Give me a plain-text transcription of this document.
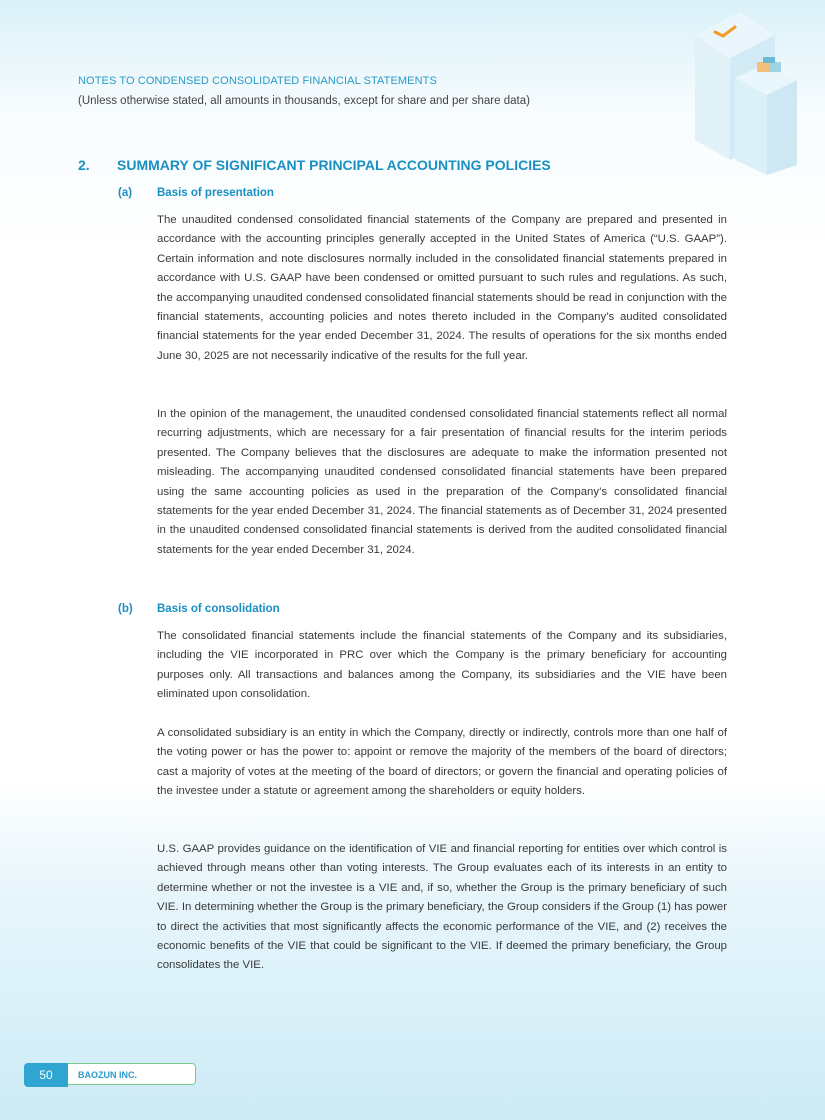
NOTES TO CONDENSED CONSOLIDATED FINANCIAL STATEMENTS
(Unless otherwise stated, all amounts in thousands, except for share and per share data)
2. SUMMARY OF SIGNIFICANT PRINCIPAL ACCOUNTING POLICIES
(a) Basis of presentation

The unaudited condensed consolidated financial statements of the Company are prepared and presented in accordance with the accounting principles generally accepted in the United States of America (“U.S. GAAP”). Certain information and note disclosures normally included in the consolidated financial statements prepared in accordance with U.S. GAAP have been condensed or omitted pursuant to such rules and regulations. As such, the accompanying unaudited condensed consolidated financial statements should be read in conjunction with the financial statements, accounting policies and notes thereto included in the Company’s audited consolidated financial statements for the year ended December 31, 2024. The results of operations for the six months ended June 30, 2025 are not necessarily indicative of the results for the full year.

In the opinion of the management, the unaudited condensed consolidated financial statements reflect all normal recurring adjustments, which are necessary for a fair presentation of financial results for the interim periods presented. The Company believes that the disclosures are adequate to make the information presented not misleading. The accompanying unaudited condensed consolidated financial statements have been prepared using the same accounting policies as used in the preparation of the Company’s consolidated financial statements for the year ended December 31, 2024. The financial statements as of December 31, 2024 presented in the unaudited condensed consolidated financial statements is derived from the audited consolidated financial statements for the year ended December 31, 2024.

(b) Basis of consolidation

The consolidated financial statements include the financial statements of the Company and its subsidiaries, including the VIE incorporated in PRC over which the Company is the primary beneficiary for accounting purposes only. All transactions and balances among the Company, its subsidiaries and the VIE have been eliminated upon consolidation.

A consolidated subsidiary is an entity in which the Company, directly or indirectly, controls more than one half of the voting power or has the power to: appoint or remove the majority of the members of the board of directors; cast a majority of votes at the meeting of the board of directors; or govern the financial and operating policies of the investee under a statute or agreement among the shareholders or equity holders.

U.S. GAAP provides guidance on the identification of VIE and financial reporting for entities over which control is achieved through means other than voting interests. The Group evaluates each of its interests in an entity to determine whether or not the investee is a VIE and, if so, whether the Group is the primary beneficiary of such VIE. In determining whether the Group is the primary beneficiary, the Group considers if the Group (1) has power to direct the activities that most significantly affects the economic performance of the VIE, and (2) receives the economic benefits of the VIE that could be significant to the VIE. If deemed the primary beneficiary, the Group consolidates the VIE.

50	BAOZUN INC.
